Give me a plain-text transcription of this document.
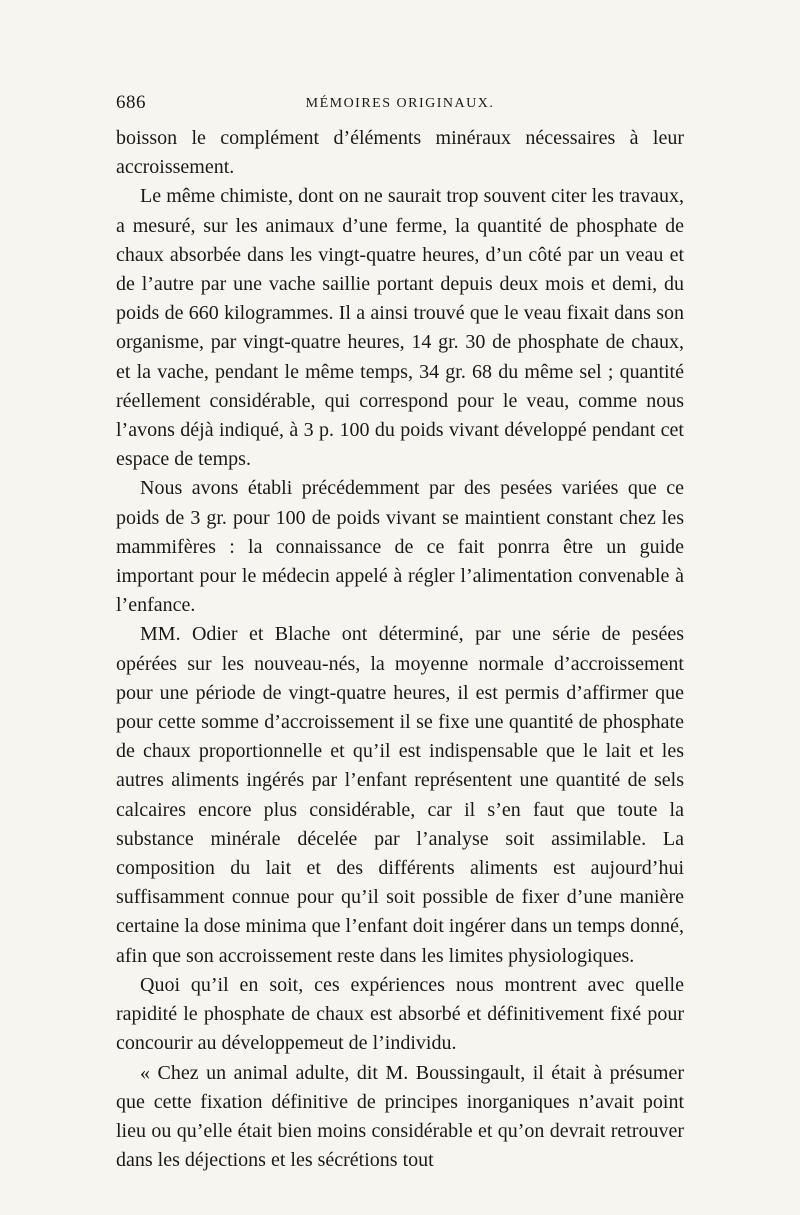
686	MÉMOIRES ORIGINAUX.

boisson le complément d’éléments minéraux nécessaires à leur accroissement.

Le même chimiste, dont on ne saurait trop souvent citer les travaux, a mesuré, sur les animaux d’une ferme, la quantité de phosphate de chaux absorbée dans les vingt-quatre heures, d’un côté par un veau et de l’autre par une vache saillie portant depuis deux mois et demi, du poids de 660 kilogrammes. Il a ainsi trouvé que le veau fixait dans son organisme, par vingt-quatre heures, 14 gr. 30 de phosphate de chaux, et la vache, pendant le même temps, 34 gr. 68 du même sel ; quantité réellement considérable, qui correspond pour le veau, comme nous l’avons déjà indiqué, à 3 p. 100 du poids vivant développé pendant cet espace de temps.

Nous avons établi précédemment par des pesées variées que ce poids de 3 gr. pour 100 de poids vivant se maintient constant chez les mammifères : la connaissance de ce fait ponrra être un guide important pour le médecin appelé à régler l’alimentation convenable à l’enfance.

MM. Odier et Blache ont déterminé, par une série de pesées opérées sur les nouveau-nés, la moyenne normale d’accroissement pour une période de vingt-quatre heures, il est permis d’affirmer que pour cette somme d’accroissement il se fixe une quantité de phosphate de chaux proportionnelle et qu’il est indispensable que le lait et les autres aliments ingérés par l’enfant représentent une quantité de sels calcaires encore plus considérable, car il s’en faut que toute la substance minérale décelée par l’analyse soit assimilable. La composition du lait et des différents aliments est aujourd’hui suffisamment connue pour qu’il soit possible de fixer d’une manière certaine la dose minima que l’enfant doit ingérer dans un temps donné, afin que son accroissement reste dans les limites physiologiques.

Quoi qu’il en soit, ces expériences nous montrent avec quelle rapidité le phosphate de chaux est absorbé et définitivement fixé pour concourir au développemeut de l’individu.

« Chez un animal adulte, dit M. Boussingault, il était à présumer que cette fixation définitive de principes inorganiques n’avait point lieu ou qu’elle était bien moins considérable et qu’on devrait retrouver dans les déjections et les sécrétions tout
